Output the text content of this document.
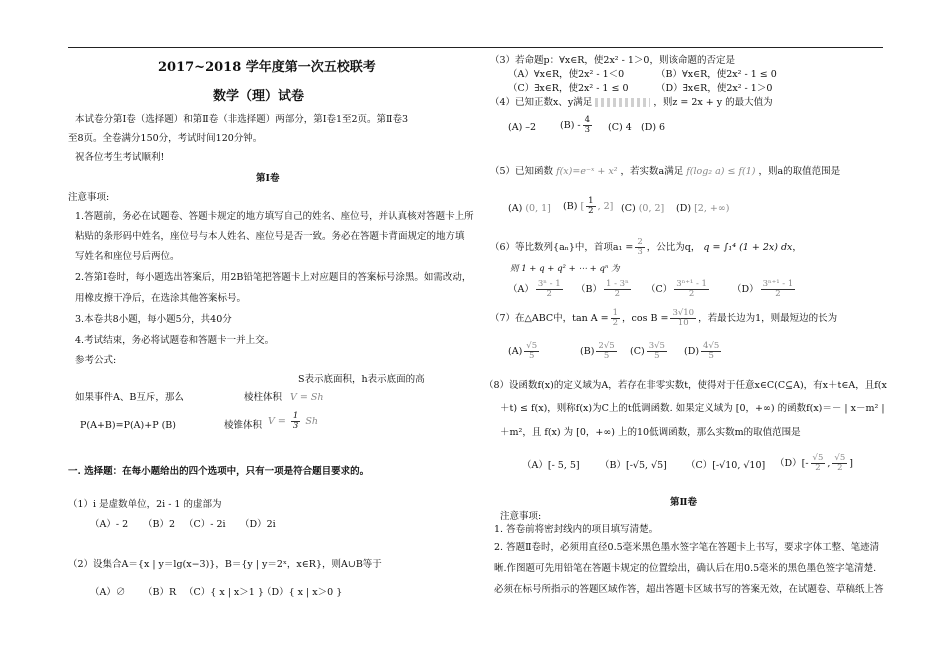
2017~2018 学年度第一次五校联考
数学（理）试卷
本试卷分第Ⅰ卷（选择题）和第Ⅱ卷（非选择题）两部分，第Ⅰ卷1至2页。第Ⅱ卷3
至8页。全卷满分150分，考试时间120分钟。
祝各位考生考试顺利!
第Ⅰ卷
注意事项:
1.答题前，务必在试题卷、答题卡规定的地方填写自己的姓名、座位号，并认真核对答题卡上所
粘贴的条形码中姓名，座位号与本人姓名、座位号是否一致。务必在答题卡背面规定的地方填
写姓名和座位号后两位。
2.答第Ⅰ卷时，每小题选出答案后，用2B铅笔把答题卡上对应题目的答案标号涂黑。如需改动，
用橡皮擦干净后，在选涂其他答案标号。
3.本卷共8小题，每小题5分，共40分
4.考试结束，务必将试题卷和答题卡一并上交。
参考公式:
S表示底面积，h表示底面的高
如果事件A、B互斥，那么	棱柱体积 V = Sh
P(A+B)=P(A)+P (B)	棱锥体积 $V = \frac{1}{3}$ Sh
一. 选择题：在每小题给出的四个选项中，只有一项是符合题目要求的。
（1）i 是虚数单位，2i - 1 的虚部为
（A）- 2 （B）2 （C）- 2i （D）2i
（2）设集合A＝{x | y＝lg(x−3)}，B＝{y | y＝2ˣ，x∈R}，则A∪B等于
（A）∅ （B）R （C）{ x | x＞1 }
（D）{ x | x＞0 }
（3）若命题p：∀x∈R，使2x² - 1＞0，则该命题的否定是
（A）∀x∈R，使2x² - 1＜0	（B）∀x∈R，使2x² - 1 ≤ 0
（C）∃x∈R，使2x² - 1 ≤ 0	（D）∃x∈R，使2x² - 1＞0
（4）已知正数x、y满足	，则z = 2x + y 的最大值为
(A) –2	$(B) - \frac{4}{3} (C)$ 4 (D) 6
（5）已知函数 f(x)=e⁻ˣ + x² ，若实数a满足 f(log₂ a) ≤ f(1) ，则a的取值范围是
(A) (0, 1] (B) [ $\frac{1}{2}$ , 2] (C) (0, 2] (D) [2, +∞)
（6）等比数列{aₙ}中，首项$a_1 = \frac{2}{3}$ ，公比为q， q = ∫₁⁴ (1 + 2x) dx，
则 1 + q + q² + ⋯ + qⁿ 为
$(A) \frac{\text{3ⁿ - 1}}{2} (B) \frac{\text{1 - 3ⁿ}}{2} (C) \frac{\text{3ⁿ⁺¹ - 1}}{2} (D) \frac{\text{3ⁿ⁺¹ - 1}}{2}$
（7）在△ABC中，$\tan A = \frac{1}{2}$ ，$\cos B = \frac{3√10}{10}$ ，若最长边为1，则最短边的长为
$(A) \frac{√5}{5}$	$(B) \frac{2√5}{5} (C) \frac{3√5}{5} (D) \frac{4√5}{5}$
（8）设函数f(x)的定义域为A，若存在非零实数t，使得对于任意x∈C(C⊆A)，有x＋t∈A，且f(x
＋t) ≤ f(x)，则称f(x)为C上的t低调函数. 如果定义域为 [0，+∞) 的函数f(x)＝－ | x－m² |
＋m²，且 f(x) 为 [0，+∞) 上的10低调函数，那么实数m的取值范围是
（A）[- 5, 5] （B）[-√5, √5] （C）[-√10, √10] $(D)[- \frac{√5}{2}$ , $\frac{√5}{2}$ ]
第Ⅱ卷
注意事项:
1. 答卷前将密封线内的项目填写清楚。
2. 答题Ⅱ卷时，必须用直径0.5毫米黑色墨水签字笔在答题卡上书写，要求字体工整、笔迹清
晰.作图题可先用铅笔在答题卡规定的位置绘出，确认后在用0.5毫米的黑色墨色签字笔清楚.
必须在标号所指示的答题区域作答，超出答题卡区域书写的答案无效，在试题卷、草稿纸上答
